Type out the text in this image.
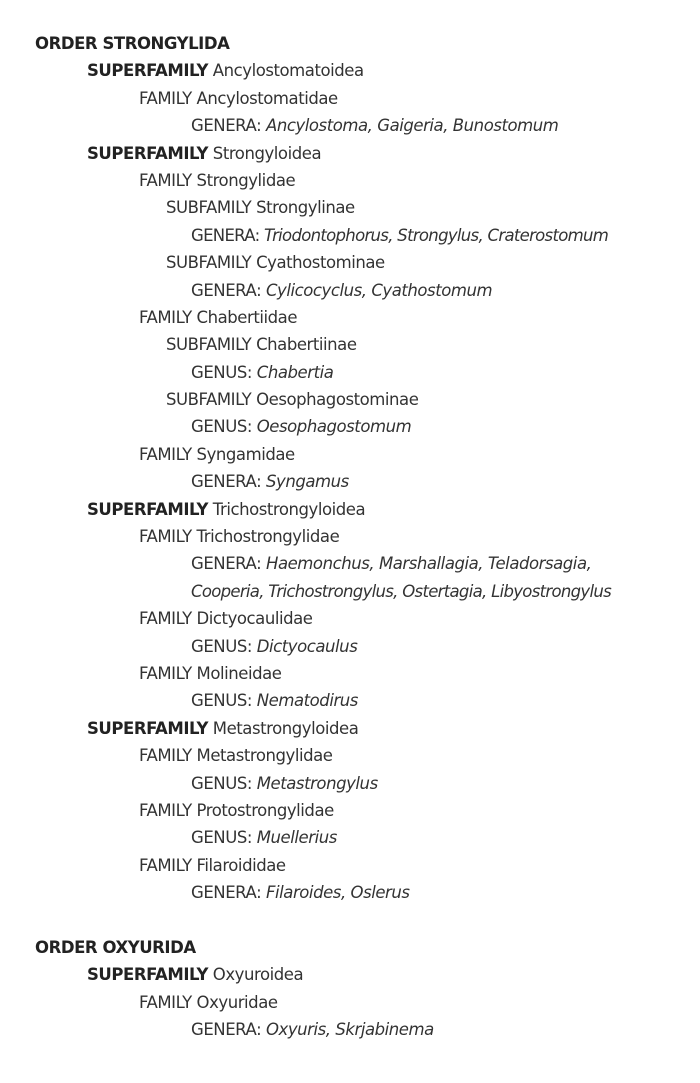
ORDER STRONGYLIDA
SUPERFAMILY Ancylostomatoidea
FAMILY Ancylostomatidae
GENERA: Ancylostoma, Gaigeria, Bunostomum
SUPERFAMILY Strongyloidea
FAMILY Strongylidae
SUBFAMILY Strongylinae
GENERA: Triodontophorus, Strongylus, Craterostomum
SUBFAMILY Cyathostominae
GENERA: Cylicocyclus, Cyathostomum
FAMILY Chabertiidae
SUBFAMILY Chabertiinae
GENUS: Chabertia
SUBFAMILY Oesophagostominae
GENUS: Oesophagostomum
FAMILY Syngamidae
GENERA: Syngamus
SUPERFAMILY Trichostrongyloidea
FAMILY Trichostrongylidae
GENERA: Haemonchus, Marshallagia, Teladorsagia,
Cooperia, Trichostrongylus, Ostertagia, Libyostrongylus
FAMILY Dictyocaulidae
GENUS: Dictyocaulus
FAMILY Molineidae
GENUS: Nematodirus
SUPERFAMILY Metastrongyloidea
FAMILY Metastrongylidae
GENUS: Metastrongylus
FAMILY Protostrongylidae
GENUS: Muellerius
FAMILY Filaroididae
GENERA: Filaroides, Oslerus
ORDER OXYURIDA
SUPERFAMILY Oxyuroidea
FAMILY Oxyuridae
GENERA: Oxyuris, Skrjabinema
